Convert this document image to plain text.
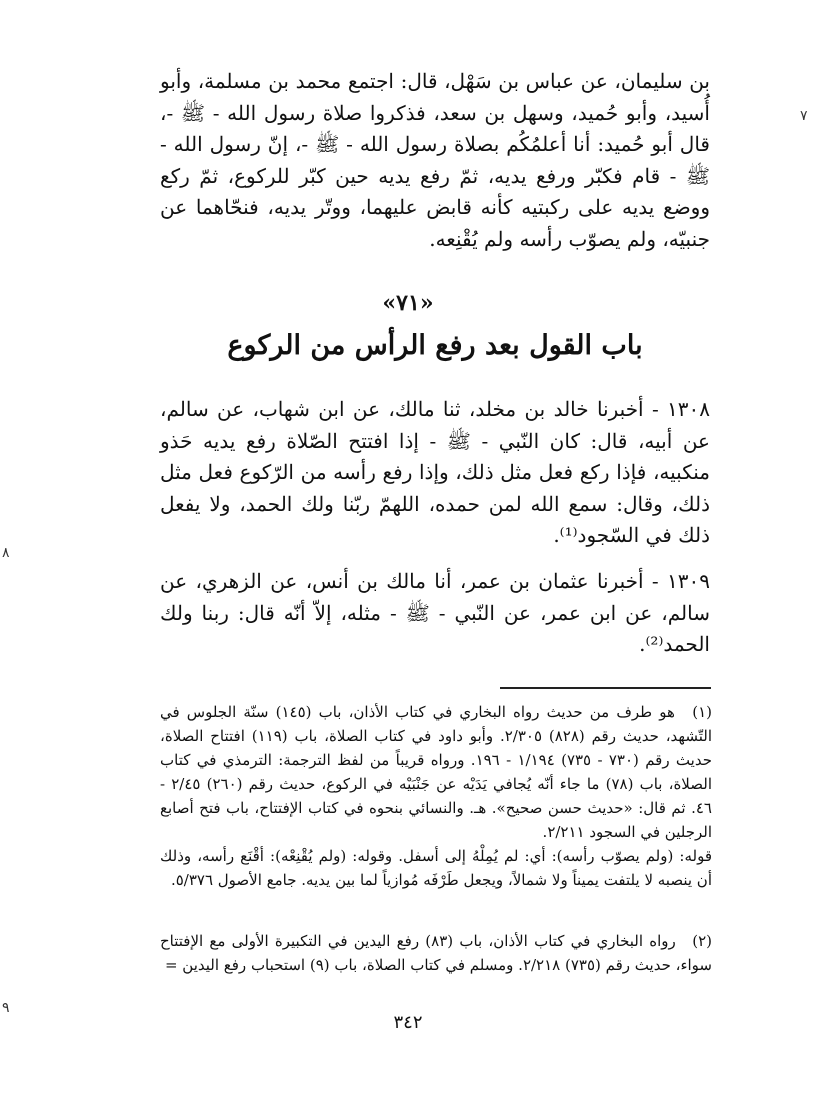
بن سليمان، عن عباس بن سَهْل، قال: اجتمع محمد بن مسلمة، وأبو أُسيد، وأبو حُميد، وسهل بن سعد، فذكروا صلاة رسول الله - ﷺ -، قال أبو حُميد: أنا أعلمُكُم بصلاة رسول الله - ﷺ -، إنّ رسول الله - ﷺ - قام فكبّر ورفع يديه، ثمّ رفع يديه حين كبّر للركوع، ثمّ ركع ووضع يديه على ركبتيه كأنه قابض عليهما، ووتّر يديه، فنحّاهما عن جنبيّه، ولم يصوّب رأسه ولم يُقْنِعه.
«٧١»
باب القول بعد رفع الرأس من الركوع
١٣٠٨ - أخبرنا خالد بن مخلد، ثنا مالك، عن ابن شهاب، عن سالم، عن أبيه، قال: كان النّبي - ﷺ - إذا افتتح الصّلاة رفع يديه حَذو منكبيه، فإذا ركع فعل مثل ذلك، وإذا رفع رأسه من الرّكوع فعل مثل ذلك، وقال: سمع الله لمن حمده، اللهمّ ربّنا ولك الحمد، ولا يفعل ذلك في السّجود⁽¹⁾.
١٣٠٩ - أخبرنا عثمان بن عمر، أنا مالك بن أنس، عن الزهري، عن سالم، عن ابن عمر، عن النّبي - ﷺ - مثله، إلاّ أنّه قال: ربنا ولك الحمد⁽²⁾.
(١) هو طرف من حديث رواه البخاري في كتاب الأذان، باب (١٤٥) سنّة الجلوس في التّشهد، حديث رقم (٨٢٨) ٢/٣٠٥. وأبو داود في كتاب الصلاة، باب (١١٩) افتتاح الصلاة، حديث رقم (٧٣٠ - ٧٣٥) ١/١٩٤ - ١٩٦. ورواه قريباً من لفظ الترجمة: الترمذي في كتاب الصلاة، باب (٧٨) ما جاء أنّه يُجافي يَدَيْه عن جَنْبَيْه في الركوع، حديث رقم (٢٦٠) ٢/٤٥ - ٤٦. ثم قال: «حديث حسن صحيح». هـ. والنسائي بنحوه في كتاب الإفتتاح، باب فتح أصابع الرجلين في السجود ٢/٢١١.
قوله: (ولم يصوّب رأسه): أي: لم يُمِلْهُ إلى أسفل. وقوله: (ولم يُقْنِعْه): أقْنَع رأسه، وذلك أن ينصبه لا يلتفت يميناً ولا شمالاً، ويجعل طَرْفَه مُوازياً لما بين يديه. جامع الأصول ٥/٣٧٦.
(٢) رواه البخاري في كتاب الأذان، باب (٨٣) رفع اليدين في التكبيرة الأولى مع الإفتتاح سواء، حديث رقم (٧٣٥) ٢/٢١٨. ومسلم في كتاب الصلاة، باب (٩) استحباب رفع اليدين =
٣٤٢
٧
٨
٩
